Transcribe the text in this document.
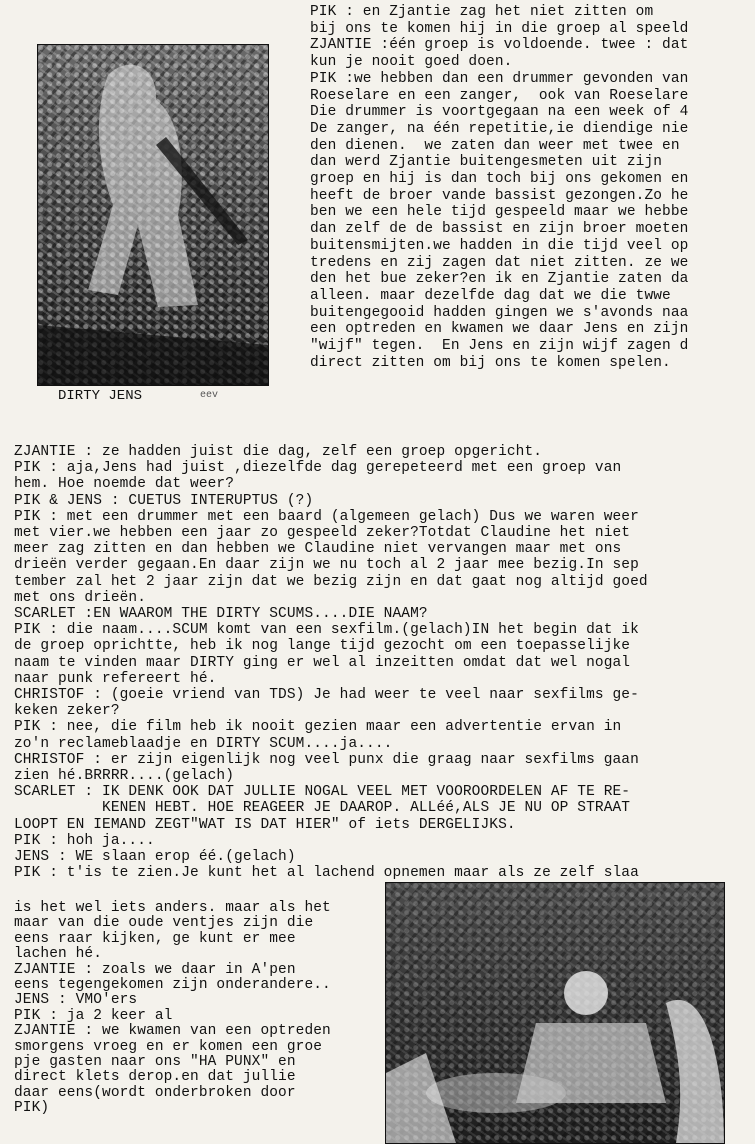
DIRTY JENS	eev
PIK : en Zjantie zag het niet zitten om
bij ons te komen hij in die groep al speeld
ZJANTIE :één groep is voldoende. twee : dat
kun je nooit goed doen.
PIK :we hebben dan een drummer gevonden van
Roeselare en een zanger,  ook van Roeselare
Die drummer is voortgegaan na een week of 4
De zanger, na één repetitie,ie diendige nie
den dienen.  we zaten dan weer met twee en
dan werd Zjantie buitengesmeten uit zijn
groep en hij is dan toch bij ons gekomen en
heeft de broer vande bassist gezongen.Zo he
ben we een hele tijd gespeeld maar we hebbe
dan zelf de de bassist en zijn broer moeten
buitensmijten.we hadden in die tijd veel op
tredens en zij zagen dat niet zitten. ze we
den het bue zeker?en ik en Zjantie zaten da
alleen. maar dezelfde dag dat we die twwe
buitengegooid hadden gingen we s'avonds naa
een optreden en kwamen we daar Jens en zijn
"wijf" tegen.  En Jens en zijn wijf zagen d
direct zitten om bij ons te komen spelen.
ZJANTIE : ze hadden juist die dag, zelf een groep opgericht.
PIK : aja,Jens had juist ,diezelfde dag gerepeteerd met een groep van
hem. Hoe noemde dat weer?
PIK & JENS : CUETUS INTERUPTUS (?)
PIK : met een drummer met een baard (algemeen gelach) Dus we waren weer
met vier.we hebben een jaar zo gespeeld zeker?Totdat Claudine het niet
meer zag zitten en dan hebben we Claudine niet vervangen maar met ons
drieën verder gegaan.En daar zijn we nu toch al 2 jaar mee bezig.In sep
tember zal het 2 jaar zijn dat we bezig zijn en dat gaat nog altijd goed
met ons drieën.
SCARLET :EN WAAROM THE DIRTY SCUMS....DIE NAAM?
PIK : die naam....SCUM komt van een sexfilm.(gelach)IN het begin dat ik
de groep oprichtte, heb ik nog lange tijd gezocht om een toepasselijke
naam te vinden maar DIRTY ging er wel al inzeitten omdat dat wel nogal
naar punk refereert hé.
CHRISTOF : (goeie vriend van TDS) Je had weer te veel naar sexfilms ge-
keken zeker?
PIK : nee, die film heb ik nooit gezien maar een advertentie ervan in
zo'n reclameblaadje en DIRTY SCUM....ja....
CHRISTOF : er zijn eigenlijk nog veel punx die graag naar sexfilms gaan
zien hé.BRRRR....(gelach)
SCARLET : IK DENK OOK DAT JULLIE NOGAL VEEL MET VOOROORDELEN AF TE RE-
KENEN HEBT. HOE REAGEER JE DAAROP. ALLéé,ALS JE NU OP STRAAT
LOOPT EN IEMAND ZEGT"WAT IS DAT HIER" of iets DERGELIJKS.
PIK : hoh ja....
JENS : WE slaan erop éé.(gelach)
PIK : t'is te zien.Je kunt het al lachend opnemen maar als ze zelf slaa
is het wel iets anders. maar als het
maar van die oude ventjes zijn die
eens raar kijken, ge kunt er mee
lachen hé.
ZJANTIE : zoals we daar in A'pen
eens tegengekomen zijn onderandere..
JENS : VMO'ers
PIK : ja 2 keer al
ZJANTIE : we kwamen van een optreden
smorgens vroeg en er komen een groe
pje gasten naar ons "HA PUNX" en
direct klets derop.en dat jullie
daar eens(wordt onderbroken door
PIK)
